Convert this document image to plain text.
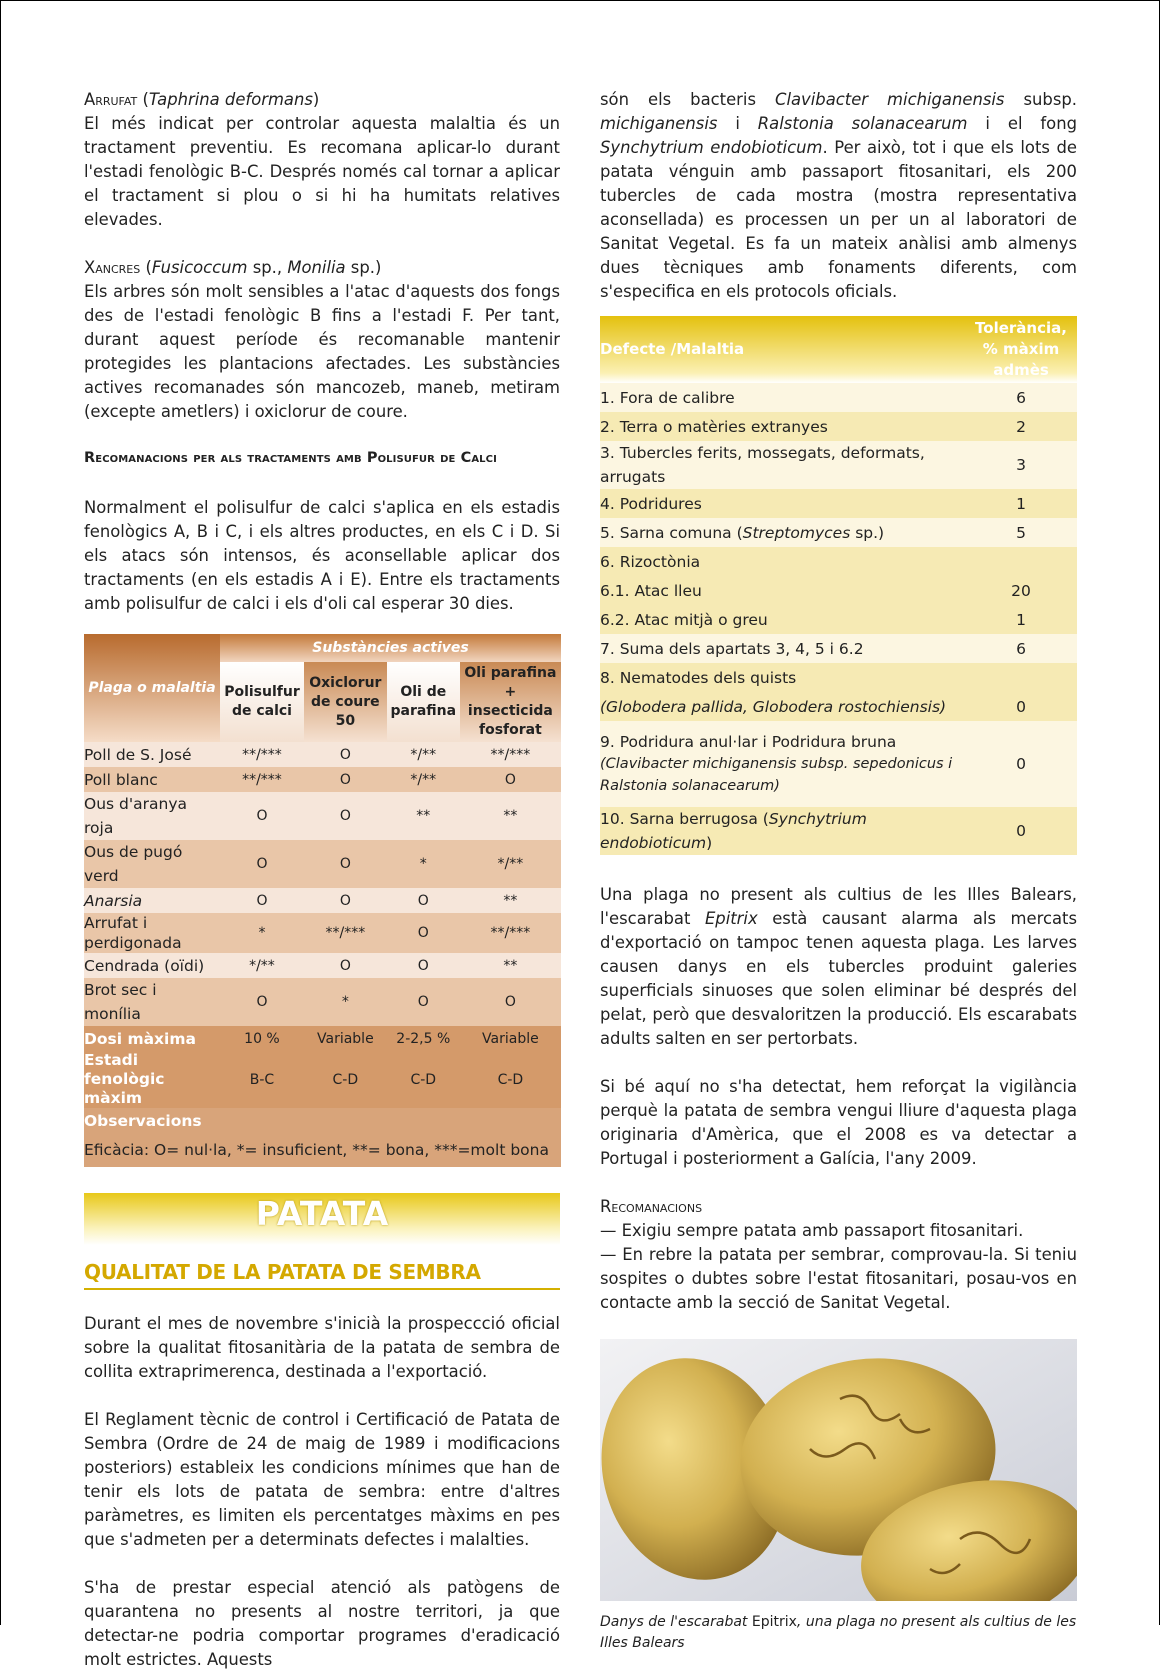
Arrufat (Taphrina deformans)

El més indicat per controlar aquesta malaltia és un tractament preventiu. Es recomana aplicar-lo durant l'estadi fenològic B-C. Després només cal tornar a aplicar el tractament si plou o si hi ha humitats relatives elevades.

Xancres (Fusicoccum sp., Monilia sp.)

Els arbres són molt sensibles a l'atac d'aquests dos fongs des de l'estadi fenològic B fins a l'estadi F. Per tant, durant aquest període és recomanable mantenir protegides les plantacions afectades. Les substàncies actives recomanades són mancozeb, maneb, metiram (excepte ametlers) i oxiclorur de coure.

Recomanacions per als tractaments amb Polisufur de Calci

Normalment el polisulfur de calci s'aplica en els estadis fenològics A, B i C, i els altres productes, en els C i D. Si els atacs són intensos, és aconsellable aplicar dos tractaments (en els estadis A i E). Entre els tractaments amb polisulfur de calci i els d'oli cal esperar 30 dies.

Plaga o malaltia	Substàncies actives			
	Polisulfur de calci	Oxiclorur de coure 50	Oli de parafina	Oli parafina + insecticida fosforat
Poll de S. José	**/***	O	*/**	**/***
Poll blanc	**/***	O	*/**	O
Ous d'aranya roja	O	O	**	**
Ous de pugó verd	O	O	*	*/**
Anarsia	O	O	O	**
Arrufat i perdigonada	*	**/***	O	**/***
Cendrada (oïdi)	*/**	O	O	**
Brot sec i monília	O	*	O	O
Dosi màxima	10 %	Variable	2-2,5 %	Variable
Estadi fenològic màxim	B-C	C-D	C-D	C-D
Observacions				
Eficàcia: O= nul·la, *= insuficient, **= bona, ***=molt bona				
PATATA
QUALITAT DE LA PATATA DE SEMBRA

Durant el mes de novembre s'inicià la prospeccció oficial sobre la qualitat fitosanitària de la patata de sembra de collita extraprimerenca, destinada a l'exportació.

El Reglament tècnic de control i Certificació de Patata de Sembra (Ordre de 24 de maig de 1989 i modificacions posteriors) estableix les condicions mínimes que han de tenir els lots de patata de sembra: entre d'altres paràmetres, es limiten els percentatges màxims en pes que s'admeten per a determinats defectes i malalties.

S'ha de prestar especial atenció als patògens de quarantena no presents al nostre territori, ja que detectar-ne podria comportar programes d'eradicació molt estrictes. Aquests

són els bacteris Clavibacter michiganensis subsp. michiganensis i Ralstonia solanacearum i el fong Synchytrium endobioticum. Per això, tot i que els lots de patata vénguin amb passaport fitosanitari, els 200 tubercles de cada mostra (mostra representativa aconsellada) es processen un per un al laboratori de Sanitat Vegetal. Es fa un mateix anàlisi amb almenys dues tècniques amb fonaments diferents, com s'especifica en els protocols oficials.

Defecte /Malaltia	Tolerància, % màxim admès
1. Fora de calibre	6
2. Terra o matèries extranyes	2
3. Tubercles ferits, mossegats, deformats, arrugats	3
4. Podridures	1
5. Sarna comuna (Streptomyces sp.)	5
6. Rizoctònia	
6.1. Atac lleu	20
6.2. Atac mitjà o greu	1
7. Suma dels apartats 3, 4, 5 i 6.2	6
8. Nematodes dels quists	
(Globodera pallida, Globodera rostochiensis)	0
9. Podridura anul·lar i Podridura bruna
(Clavibacter michiganensis subsp. sepedonicus i Ralstonia solanacearum)	0
10. Sarna berrugosa (Synchytrium endobioticum)	0

Una plaga no present als cultius de les Illes Balears, l'escarabat Epitrix està causant alarma als mercats d'exportació on tampoc tenen aquesta plaga. Les larves causen danys en els tubercles produint galeries superficials sinuoses que solen eliminar bé després del pelat, però que desvaloritzen la producció. Els escarabats adults salten en ser pertorbats.

Si bé aquí no s'ha detectat, hem reforçat la vigilància perquè la patata de sembra vengui lliure d'aquesta plaga originaria d'Amèrica, que el 2008 es va detectar a Portugal i posteriorment a Galícia, l'any 2009.

Recomanacions

— Exigiu sempre patata amb passaport fitosanitari.

— En rebre la patata per sembrar, comprovau-la. Si teniu sospites o dubtes sobre l'estat fitosanitari, posau-vos en contacte amb la secció de Sanitat Vegetal.

Danys de l'escarabat Epitrix, una plaga no present als cultius de les Illes Balears
